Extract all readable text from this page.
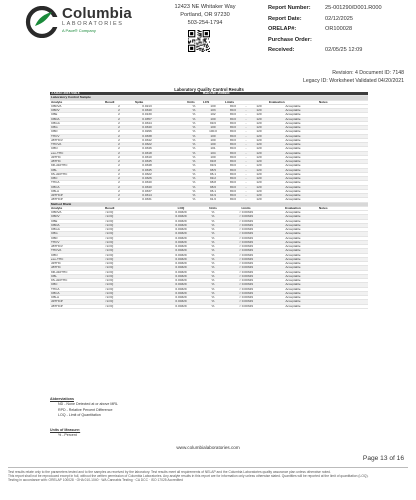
Columbia
LABORATORIES
A Pace® Company
12423 NE Whitaker Way
Portland, OR 97230
503-254-1794
Report Number:	25-001290/D001.R000
Report Date:	02/12/2025
ORELAP#:	OR100028
Purchase Order:
Received:	02/05/25 12:09
Revision: 4 Document ID: 7148
Legacy ID: Worksheet Validated 04/20/2021
Laboratory Quality Control Results
J AOAC 2015 V98-6					Batch ID: 2500934					
Laboratory Control Sample										
Analyte	Result	Spike		Units	LCS	Limits			Evaluation	Notes
CBDVA	2	0.0213		%	100	80.0	-	120	Acceptable	
CBDV	2	0.0340		%	103	80.0	-	120	Acceptable	
CBE	2	0.0130		%	102	80.0	-	120	Acceptable	
CBDA	2	0.0357		%	100	80.0	-	120	Acceptable	
CBGA	2	0.0344		%	99.6	80.0	-	120	Acceptable	
CBG	2	0.0340		%	100	80.0	-	120	Acceptable	
CBD	2	0.0296		%	100.0	80.0	-	120	Acceptable	
THCV	2	0.0338		%	100	80.0	-	120	Acceptable	
d8THCV	2	0.0342		%	100	80.0	-	120	Acceptable	
THCVA	2	0.0322		%	100	80.0	-	120	Acceptable	
CBN	2	0.0346		%	101	80.0	-	120	Acceptable	
exo-THC	2	0.0318		%	104	80.0	-	120	Acceptable	
d9THC	2	0.0310		%	100	80.0	-	120	Acceptable	
d8THC	2	0.0345		%	99.8	80.0	-	120	Acceptable	
9R-d10THC	2	0.0348		%	99.9	80.0	-	120	Acceptable	
CBL	2	0.0345		%	98.5	80.0	-	120	Acceptable	
9S-d10THC	2	0.0322		%	96.1	80.0	-	120	Acceptable	
CBC	2	0.0326		%	99.2	80.0	-	120	Acceptable	
THCA	2	0.0340		%	98.8	80.0	-	120	Acceptable	
CBCA	2	0.0340		%	98.6	80.0	-	120	Acceptable	
CBLA	2	0.0337		%	96.1	80.0	-	120	Acceptable	
d9THCP	2	0.0314		%	94.9	80.0	-	120	Acceptable	
d8THCP	2	0.0331		%	91.6	80.0	-	120	Acceptable	
Method Blank										
Analyte	Result		LOQ		Units	Limits			Evaluation	Notes
CBDVA	<LOQ		0.00329		%	< 0.00329			Acceptable	
CBDV	<LOQ		0.00329		%	< 0.00329			Acceptable	
CBE	<LOQ		0.00329		%	< 0.00329			Acceptable	
CBDA	<LOQ		0.00329		%	< 0.00329			Acceptable	
CBGA	<LOQ		0.00329		%	< 0.00329			Acceptable	
CBG	<LOQ		0.00329		%	< 0.00329			Acceptable	
CBD	<LOQ		0.00329		%	< 0.00329			Acceptable	
THCV	<LOQ		0.00329		%	< 0.00329			Acceptable	
d8THCV	<LOQ		0.00329		%	< 0.00329			Acceptable	
THCVA	<LOQ		0.00329		%	< 0.00329			Acceptable	
CBN	<LOQ		0.00329		%	< 0.00329			Acceptable	
exo-THC	<LOQ		0.00329		%	< 0.00329			Acceptable	
d9THC	<LOQ		0.00329		%	< 0.00329			Acceptable	
d8THC	<LOQ		0.00329		%	< 0.00329			Acceptable	
9R-d10THC	<LOQ		0.00329		%	< 0.00329			Acceptable	
CBL	<LOQ		0.00329		%	< 0.00329			Acceptable	
9S-d10THC	<LOQ		0.00329		%	< 0.00329			Acceptable	
CBC	<LOQ		0.00329		%	< 0.00329			Acceptable	
THCA	<LOQ		0.00329		%	< 0.00329			Acceptable	
CBCA	<LOQ		0.00329		%	< 0.00329			Acceptable	
CBLA	<LOQ		0.00329		%	< 0.00329			Acceptable	
d9THCP	<LOQ		0.00329		%	< 0.00329			Acceptable	
d8THCP	<LOQ		0.00329		%	< 0.00329			Acceptable	
Abbreviations
ND - None Detected at or above MRL
RPD - Relative Percent Difference
LOQ - Limit of Quantitation
Units of Measure:
% - Percent
www.columbialaboratories.com
Page 13 of 16
Test results relate only to the parameters tested and to the samples as received by the laboratory. Test results meet all requirements of NELAP and the Columbia Laboratories quality assurance plan unless otherwise noted.
This report shall not be reproduced except in full, without the written permission of Columbia Laboratories. Any analyte results in this report are for information only unless otherwise stated. Quantities will be reported at the limit of quantitation (LOQ).
Testing in accordance with: ORELAP 100028 · OHA 010-1040 · WA Cannabis Testing · CA DCC · ISO 17025 Accredited
